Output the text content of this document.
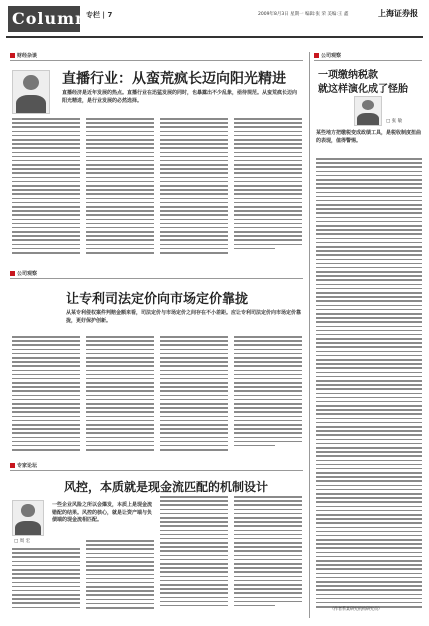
Column
专栏 | 7	2009年8月3日 星期一 编辑:张 荣 美编:王 鑫	上海证券报
财经杂谈
直播行业：从蛮荒疯长迈向阳光精进
直播经济是近年发展的热点。直播行业在迅猛发展的同时，也暴露出不少乱象，亟待规范。从蛮荒疯长迈向阳光精进，是行业发展的必然选择。
公司观察
一项缴纳税款
就这样演化成了怪胎
□ 张 敏
某些地方把缴税变成政绩工具，是税收制度扭曲的表现，值得警惕。
（作者系某研究机构研究员）
公司观察
让专利司法定价向市场定价靠拢
从某专利侵权案件判赔金额来看，司法定价与市场定价之间存在不小差距。应让专利司法定价向市场定价靠拢，更好保护创新。
专家论坛
风控，本质就是现金流匹配的机制设计
□ 周 宏
一些企业风险之所以会爆发，本质上是现金流错配的结果。风控的核心，就是让资产端与负债端的现金流相匹配。
